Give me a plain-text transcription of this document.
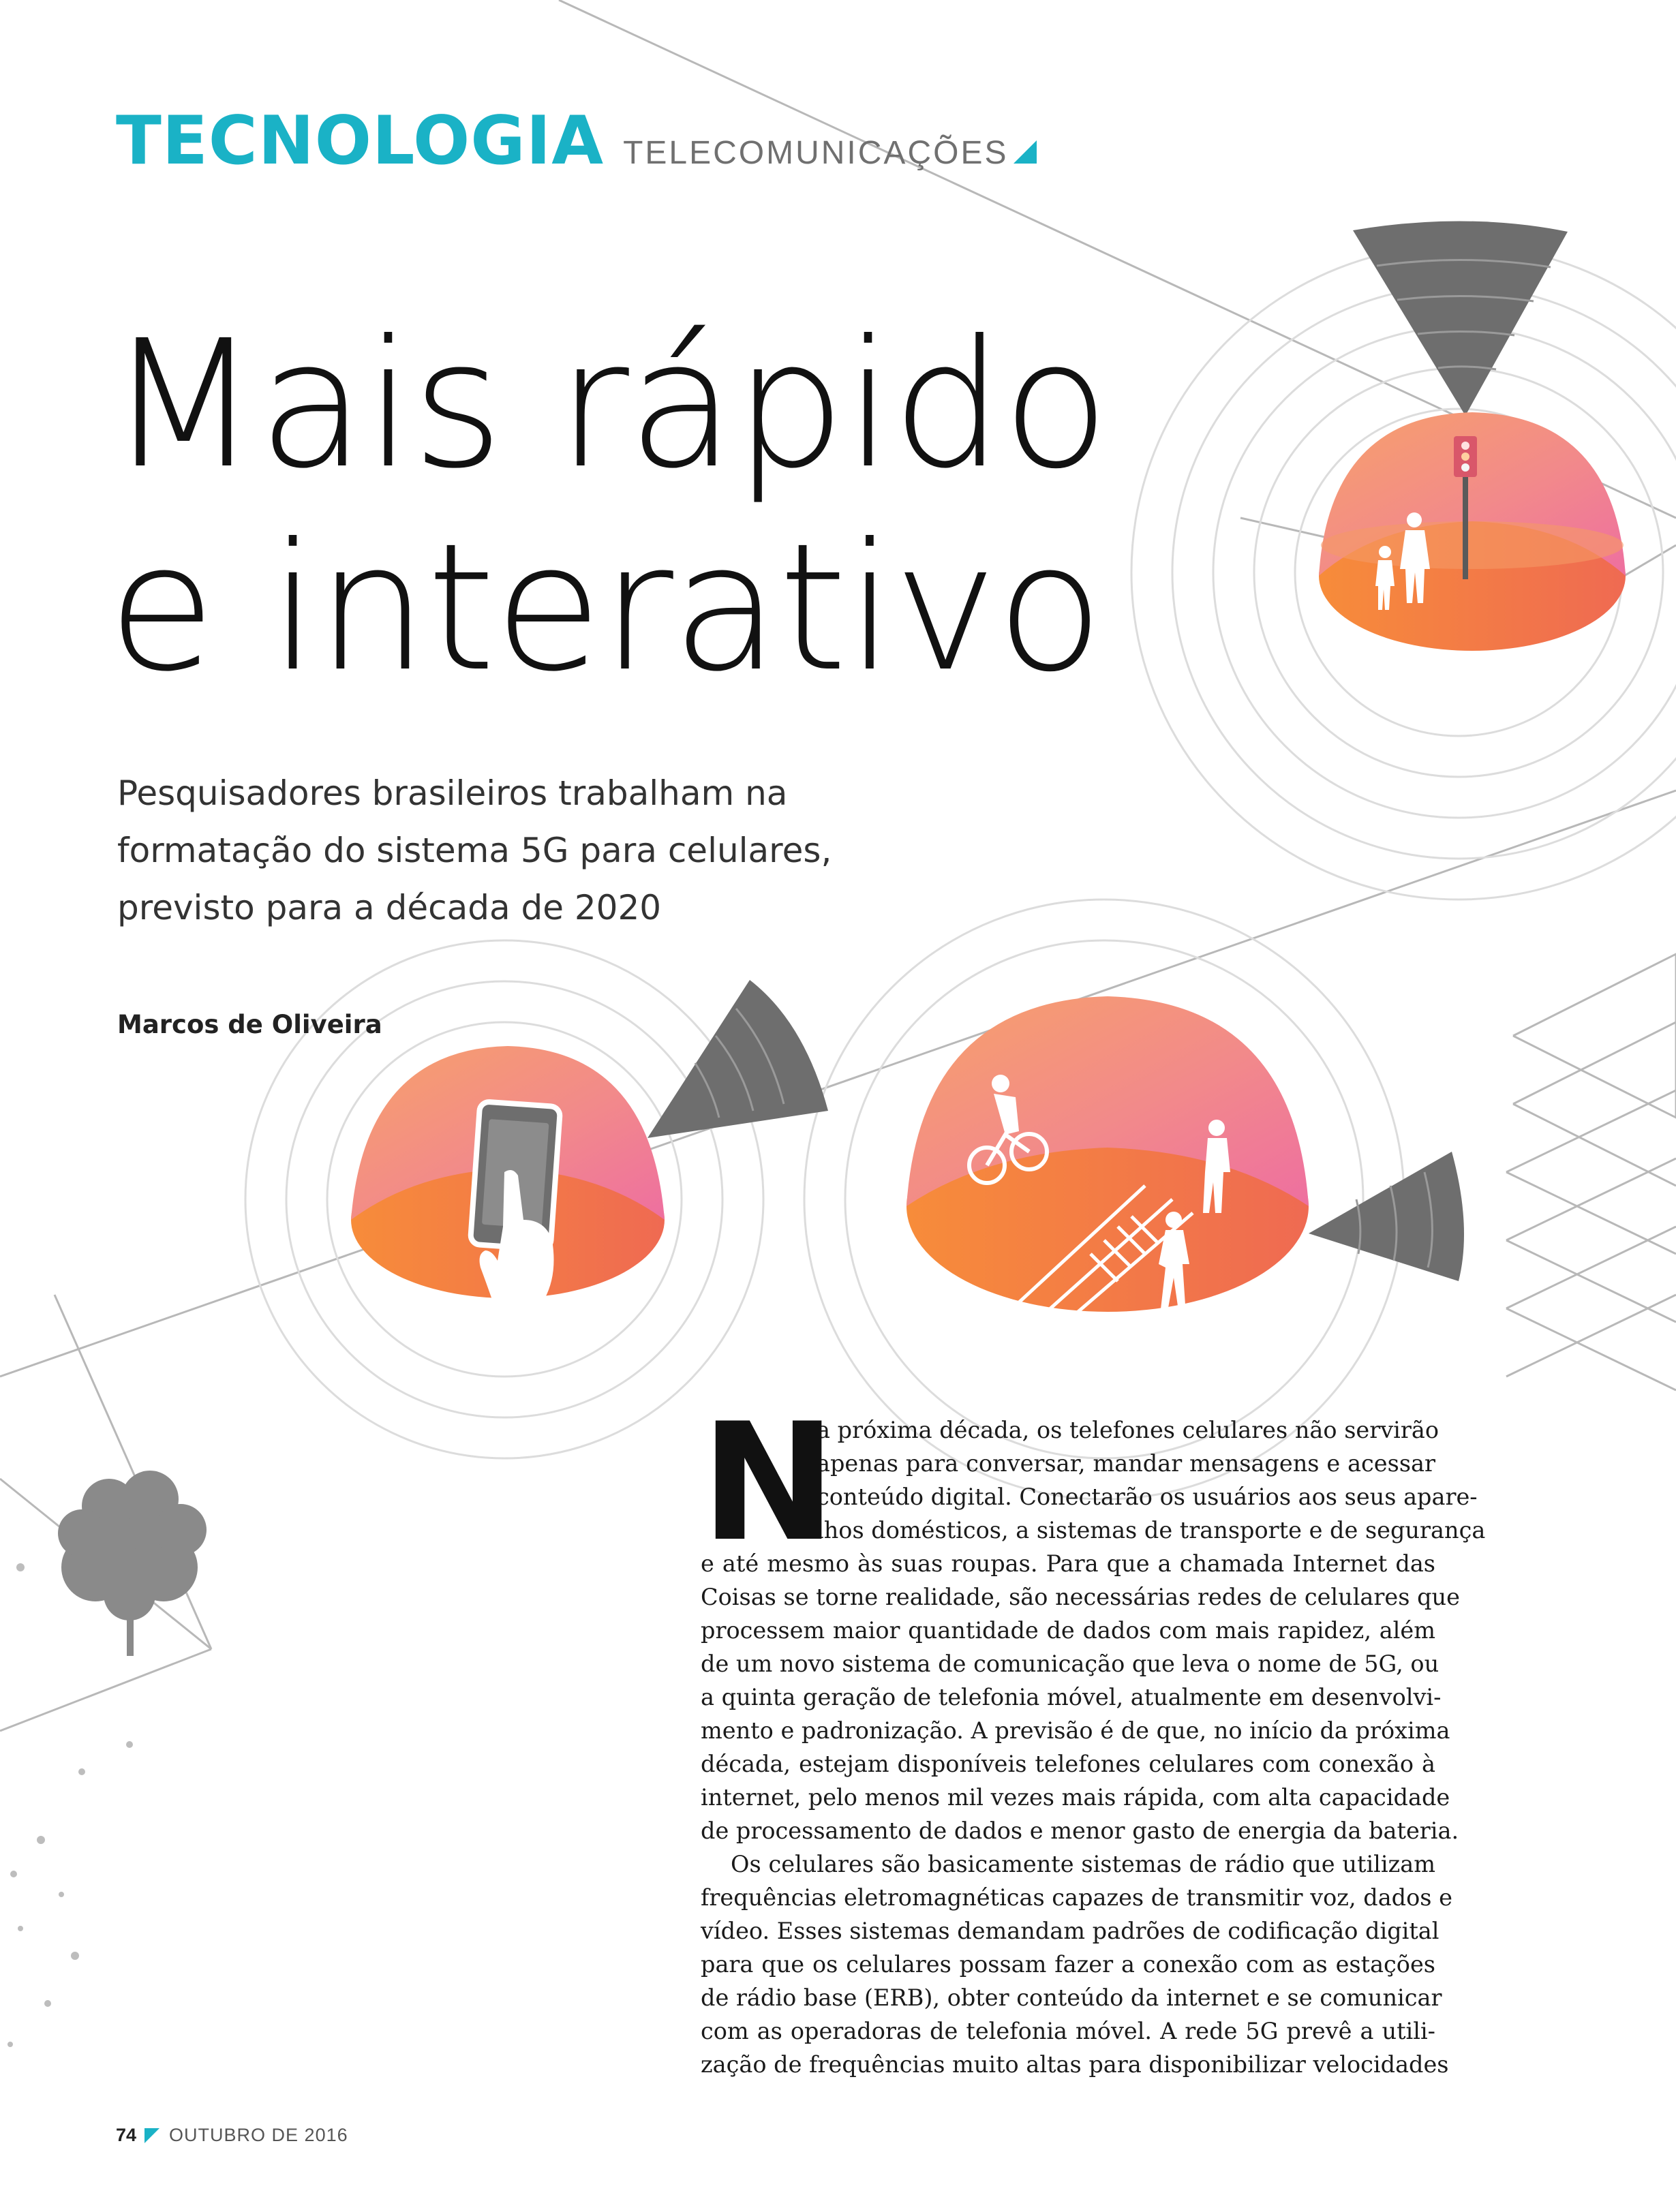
TECNOLOGIA TELECOMUNICAÇÕES
Mais rápido
e interativo

Pesquisadores brasileiros trabalham na
formatação do sistema 5G para celulares,
previsto para a década de 2020

Marcos de Oliveira
N
a próxima década, os telefones celulares não servirão
apenas para conversar, mandar mensagens e acessar
conteúdo digital. Conectarão os usuários aos seus apare-
lhos domésticos, a sistemas de transporte e de segurança
e até mesmo às suas roupas. Para que a chamada Internet das
Coisas se torne realidade, são necessárias redes de celulares que
processem maior quantidade de dados com mais rapidez, além
de um novo sistema de comunicação que leva o nome de 5G, ou
a quinta geração de telefonia móvel, atualmente em desenvolvi-
mento e padronização. A previsão é de que, no início da próxima
década, estejam disponíveis telefones celulares com conexão à
internet, pelo menos mil vezes mais rápida, com alta capacidade
de processamento de dados e menor gasto de energia da bateria.
Os celulares são basicamente sistemas de rádio que utilizam
frequências eletromagnéticas capazes de transmitir voz, dados e
vídeo. Esses sistemas demandam padrões de codificação digital
para que os celulares possam fazer a conexão com as estações
de rádio base (ERB), obter conteúdo da internet e se comunicar
com as operadoras de telefonia móvel. A rede 5G prevê a utili-
zação de frequências muito altas para disponibilizar velocidades
74 OUTUBRO DE 2016
